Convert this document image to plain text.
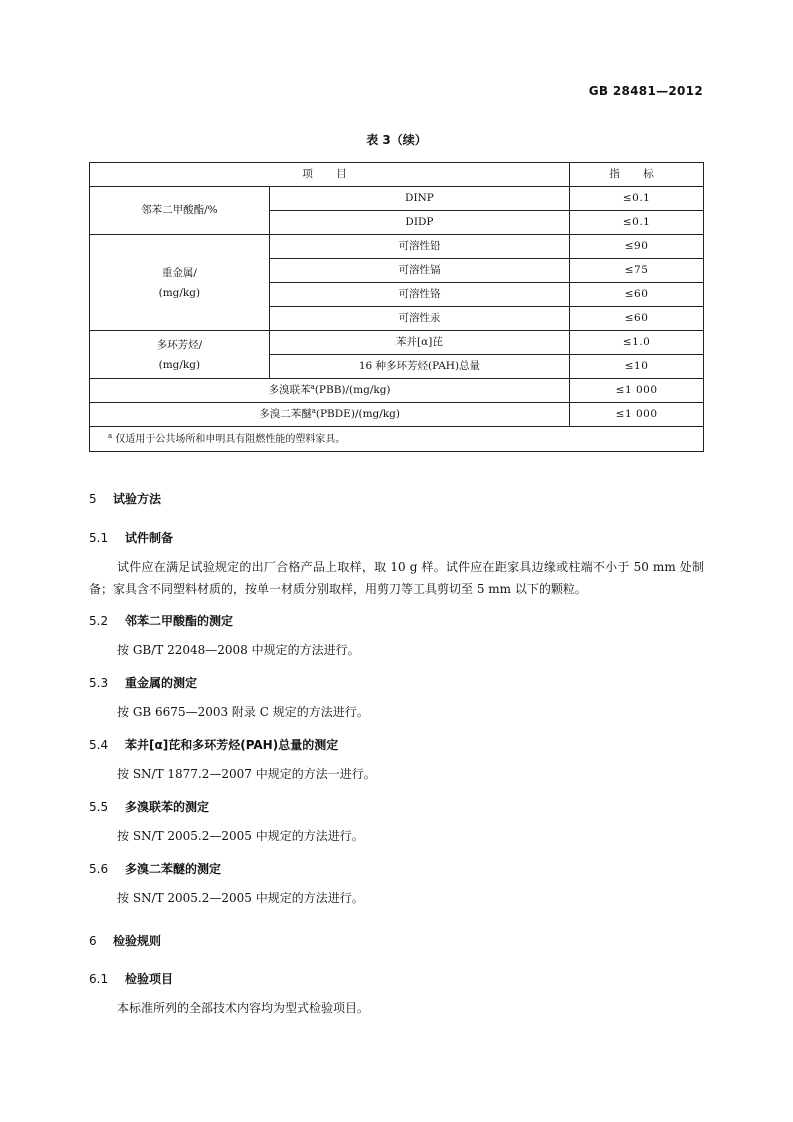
GB 28481—2012
表 3（续）
项 目		指 标
邻苯二甲酸酯/%	DINP	≤0.1
	DIDP	≤0.1
重金属/
(mg/kg)	可溶性铅	≤90
	可溶性镉	≤75
	可溶性铬	≤60
	可溶性汞	≤60
多环芳烃/
(mg/kg)	苯并[α]芘	≤1.0
	16 种多环芳烃(PAH)总量	≤10
多溴联苯$^a$(PBB)/(mg/kg)		≤1 000
多溴二苯醚$^a$(PBDE)/(mg/kg)		≤1 000
$^a$ 仅适用于公共场所和申明具有阻燃性能的塑料家具。		
5 试验方法
5.1 试件制备
试件应在满足试验规定的出厂合格产品上取样，取 10 g 样。试件应在距家具边缘或柱端不小于 50 mm 处制备；家具含不同塑料材质的，按单一材质分别取样，用剪刀等工具剪切至 5 mm 以下的颗粒。
5.2 邻苯二甲酸酯的测定
按 GB/T 22048—2008 中规定的方法进行。
5.3 重金属的测定
按 GB 6675—2003 附录 C 规定的方法进行。
5.4 苯并[α]芘和多环芳烃(PAH)总量的测定
按 SN/T 1877.2—2007 中规定的方法一进行。
5.5 多溴联苯的测定
按 SN/T 2005.2—2005 中规定的方法进行。
5.6 多溴二苯醚的测定
按 SN/T 2005.2—2005 中规定的方法进行。
6 检验规则
6.1 检验项目
本标准所列的全部技术内容均为型式检验项目。
